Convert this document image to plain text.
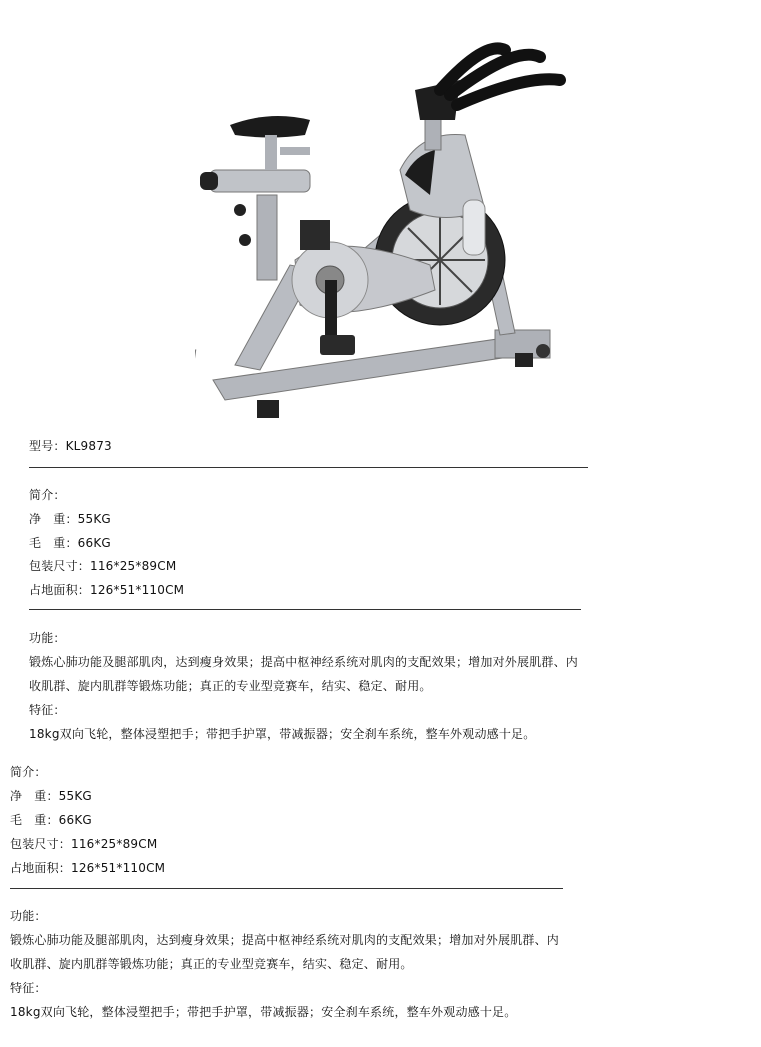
型号：KL9873
简介：
净   重：55KG
毛   重：66KG
包装尺寸：116*25*89CM
占地面积：126*51*110CM
功能：
锻炼心肺功能及腿部肌肉，达到瘦身效果；提高中枢神经系统对肌肉的支配效果；增加对外展肌群、内
收肌群、旋内肌群等锻炼功能；真正的专业型竞赛车，结实、稳定、耐用。
特征：
18kg双向飞轮，整体浸塑把手；带把手护罩，带减振器；安全刹车系统，整车外观动感十足。
简介：
净   重：55KG
毛   重：66KG
包装尺寸：116*25*89CM
占地面积：126*51*110CM
功能：
锻炼心肺功能及腿部肌肉，达到瘦身效果；提高中枢神经系统对肌肉的支配效果；增加对外展肌群、内
收肌群、旋内肌群等锻炼功能；真正的专业型竞赛车，结实、稳定、耐用。
特征：
18kg双向飞轮，整体浸塑把手；带把手护罩，带减振器；安全刹车系统，整车外观动感十足。
